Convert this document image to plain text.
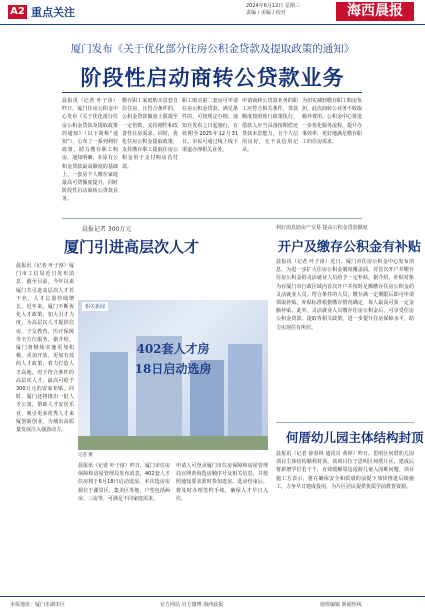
A2 重点关注	2024年6月12日 星期三
责编 / 美编 / 校对	海西晨报
厦门发布《关于优化部分住房公积金贷款及提取政策的通知》
阶段性启动商转公贷款业务
晨报讯（记者 叶子淳）昨日，厦门住房公积金中心发布《关于优化部分住房公积金贷款及提取政策的通知》（以下简称“通知”），公布了一系列利好政策，助力缴存职工购房。通知明确，在原有公积金贷款最高额度的基础上，一套房个人缴存家庭最高可贷额度提升，同时阶段性启动商转公贷款业务。
缴存职工家庭购买首套自住住房，且符合条件的，公积金贷款额度上限提至一定倍数，支持刚性和改善性住房需求。同时，优化住房公积金提取政策，支持缴存职工提取住房公积金用于支付购房首付款。
职工购买第二套房可申请住房公积金贷款，满足条件的，可按规定办理。通知自发布之日起施行，有效期至2025年12月31日。市民可通过线上线下渠道办理相关业务。
申请商转公贷款业务的职工应符合相关条件，贷款额度按照现行政策执行。借款人应当具备按期偿还贷款本息能力，且个人信用良好，无不良信用记录。
为切实减轻缴存职工购房负担，此次商转公业务不收取额外费用。公积金中心将进一步优化服务流程，提升办事效率，更好地满足缴存职工的住房需求。
晨报记者 300万元
厦门引进高层次人才
晨报讯（记者 叶子淳）厦门市工信局近日发布消息，截至目前，今年以来厦门共引进高层次人才若干名，人才总量持续增长。近年来，厦门不断优化人才政策，加大引才力度，为高层次人才提供住房、子女教育、医疗保障等全方位服务。据介绍，厦门将继续实施更加积极、更加开放、更加有效的人才政策，着力打造人才高地。对于符合条件的高层次人才，最高可给予300万元的安家补贴。同时，厦门还将推出一批人才公寓，帮助人才安居乐业，吸引更多优秀人才来厦创新创业，为城市高质量发展注入强劲动力。
402套人才房
18日启动选房
相关新闻
记者 摄
晨报讯（记者 叶子淳）昨日，厦门市住房保障和房屋管理局发布消息，402套人才住房将于6月18日启动选房。本次选房房源位于湖里区、集美区等地，户型包括两房、三房等，可满足不同家庭需求。
申请人可登录厦门市住房保障和房屋管理局官网查询选房顺序号及相关信息，并按照通知要求准时参加选房。选房结束后，将及时办理签约手续，确保人才早日入住。
利好消息助房产交易 提高公积金贷款额度
开户及缴存公积金有补贴
晨报讯（记者 叶子淳）近日，厦门市住房公积金中心发布消息，为进一步扩大住房公积金制度覆盖面，对首次开户并缴存住房公积金的灵活就业人员给予一定补贴。据介绍，补贴对象为在厦门市行政区域内首次开户并按时足额缴存住房公积金的灵活就业人员。符合条件的人员，缴存满一定期限后即可申请领取补贴。补贴标准根据缴存情况确定，每人最高可获一定金额补贴。此外，灵活就业人员缴存住房公积金后，可享受住房公积金贷款、提取等相关政策，进一步提升住房保障水平，助力实现住有所居。
何厝幼儿园主体结构封顶
晨报讯（记者 徐春林 通讯员 黄婷）昨日，思明区何厝幼儿园项目主体结构顺利封顶。该项目位于思明区何厝片区，建成后将新增学位若干个，有效缓解周边适龄儿童入园难问题。项目施工方表示，将在确保安全和质量的前提下加快推进后续施工，力争早日建成投用，为片区居民提供优质学前教育资源。
本报地址：厦门市湖里区	官方网站 官方微博 海西晨报	值班编辑 新闻热线
